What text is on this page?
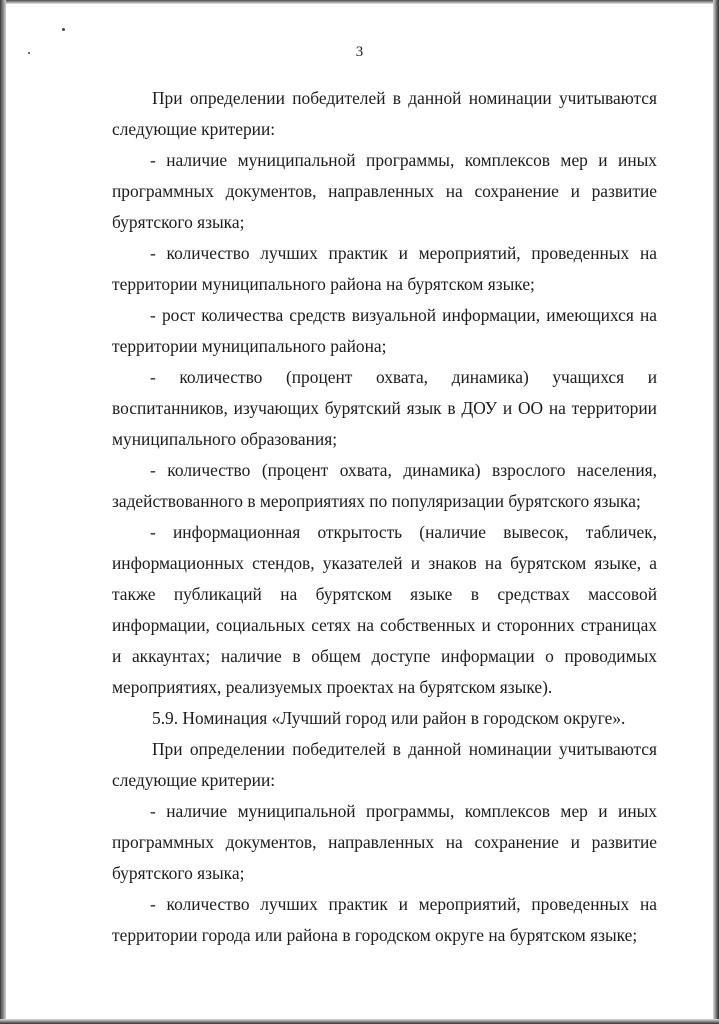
3

При определении победителей в данной номинации учитываются следующие критерии:

- наличие муниципальной программы, комплексов мер и иных программных документов, направленных на сохранение и развитие бурятского языка;

- количество лучших практик и мероприятий, проведенных на территории муниципального района на бурятском языке;

- рост количества средств визуальной информации, имеющихся на территории муниципального района;

- количество (процент охвата, динамика) учащихся и воспитанников, изучающих бурятский язык в ДОУ и ОО на территории муниципального образования;

- количество (процент охвата, динамика) взрослого населения, задействованного в мероприятиях по популяризации бурятского языка;

- информационная открытость (наличие вывесок, табличек, информационных стендов, указателей и знаков на бурятском языке, а также публикаций на бурятском языке в средствах массовой информации, социальных сетях на собственных и сторонних страницах и аккаунтах; наличие в общем доступе информации о проводимых мероприятиях, реализуемых проектах на бурятском языке).

5.9. Номинация «Лучший город или район в городском округе».

При определении победителей в данной номинации учитываются следующие критерии:

- наличие муниципальной программы, комплексов мер и иных программных документов, направленных на сохранение и развитие бурятского языка;

- количество лучших практик и мероприятий, проведенных на территории города или района в городском округе на бурятском языке;
